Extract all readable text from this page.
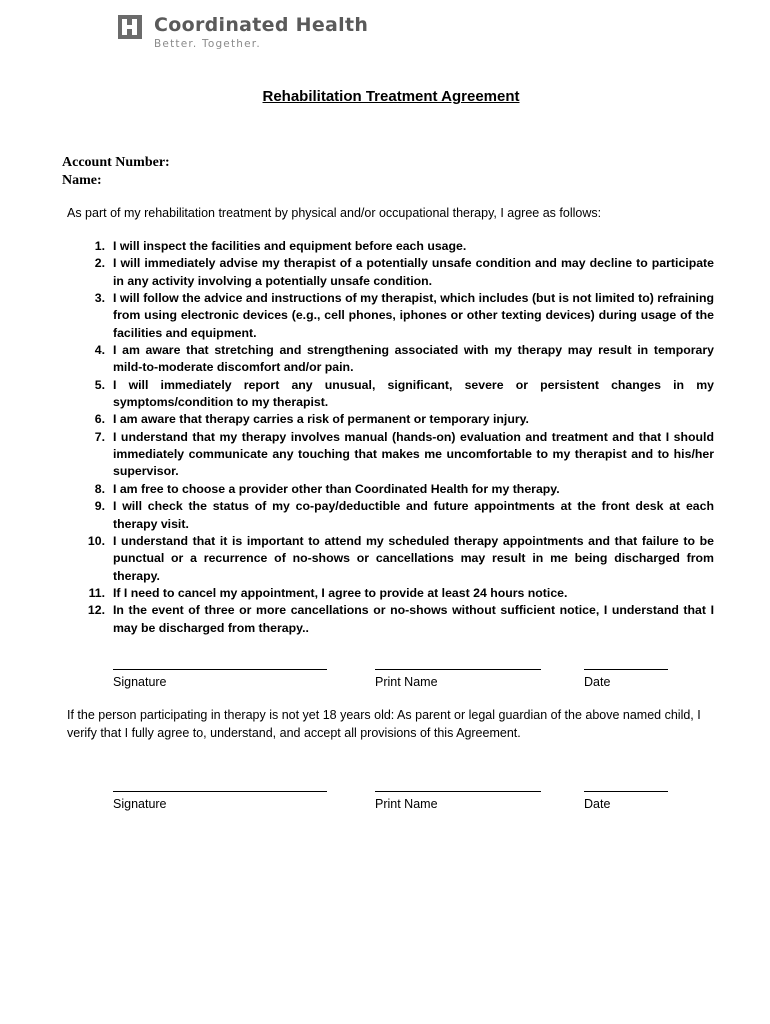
Coordinated Health
Better. Together.
Rehabilitation Treatment Agreement
Account Number:
Name:
As part of my rehabilitation treatment by physical and/or occupational therapy, I agree as follows:
1. I will inspect the facilities and equipment before each usage.
2. I will immediately advise my therapist of a potentially unsafe condition and may decline to participate in any activity involving a potentially unsafe condition.
3. I will follow the advice and instructions of my therapist, which includes (but is not limited to) refraining from using electronic devices (e.g., cell phones, iphones or other texting devices) during usage of the facilities and equipment.
4. I am aware that stretching and strengthening associated with my therapy may result in temporary mild-to-moderate discomfort and/or pain.
5. I will immediately report any unusual, significant, severe or persistent changes in my symptoms/condition to my therapist.
6. I am aware that therapy carries a risk of permanent or temporary injury.
7. I understand that my therapy involves manual (hands-on) evaluation and treatment and that I should immediately communicate any touching that makes me uncomfortable to my therapist and to his/her supervisor.
8. I am free to choose a provider other than Coordinated Health for my therapy.
9. I will check the status of my co-pay/deductible and future appointments at the front desk at each therapy visit.
10. I understand that it is important to attend my scheduled therapy appointments and that failure to be punctual or a recurrence of no-shows or cancellations may result in me being discharged from therapy.
11. If I need to cancel my appointment, I agree to provide at least 24 hours notice.
12. In the event of three or more cancellations or no-shows without sufficient notice, I understand that I may be discharged from therapy..
Signature	Print Name	Date
If the person participating in therapy is not yet 18 years old: As parent or legal guardian of the above named child, I verify that I fully agree to, understand, and accept all provisions of this Agreement.
Signature	Print Name	Date
